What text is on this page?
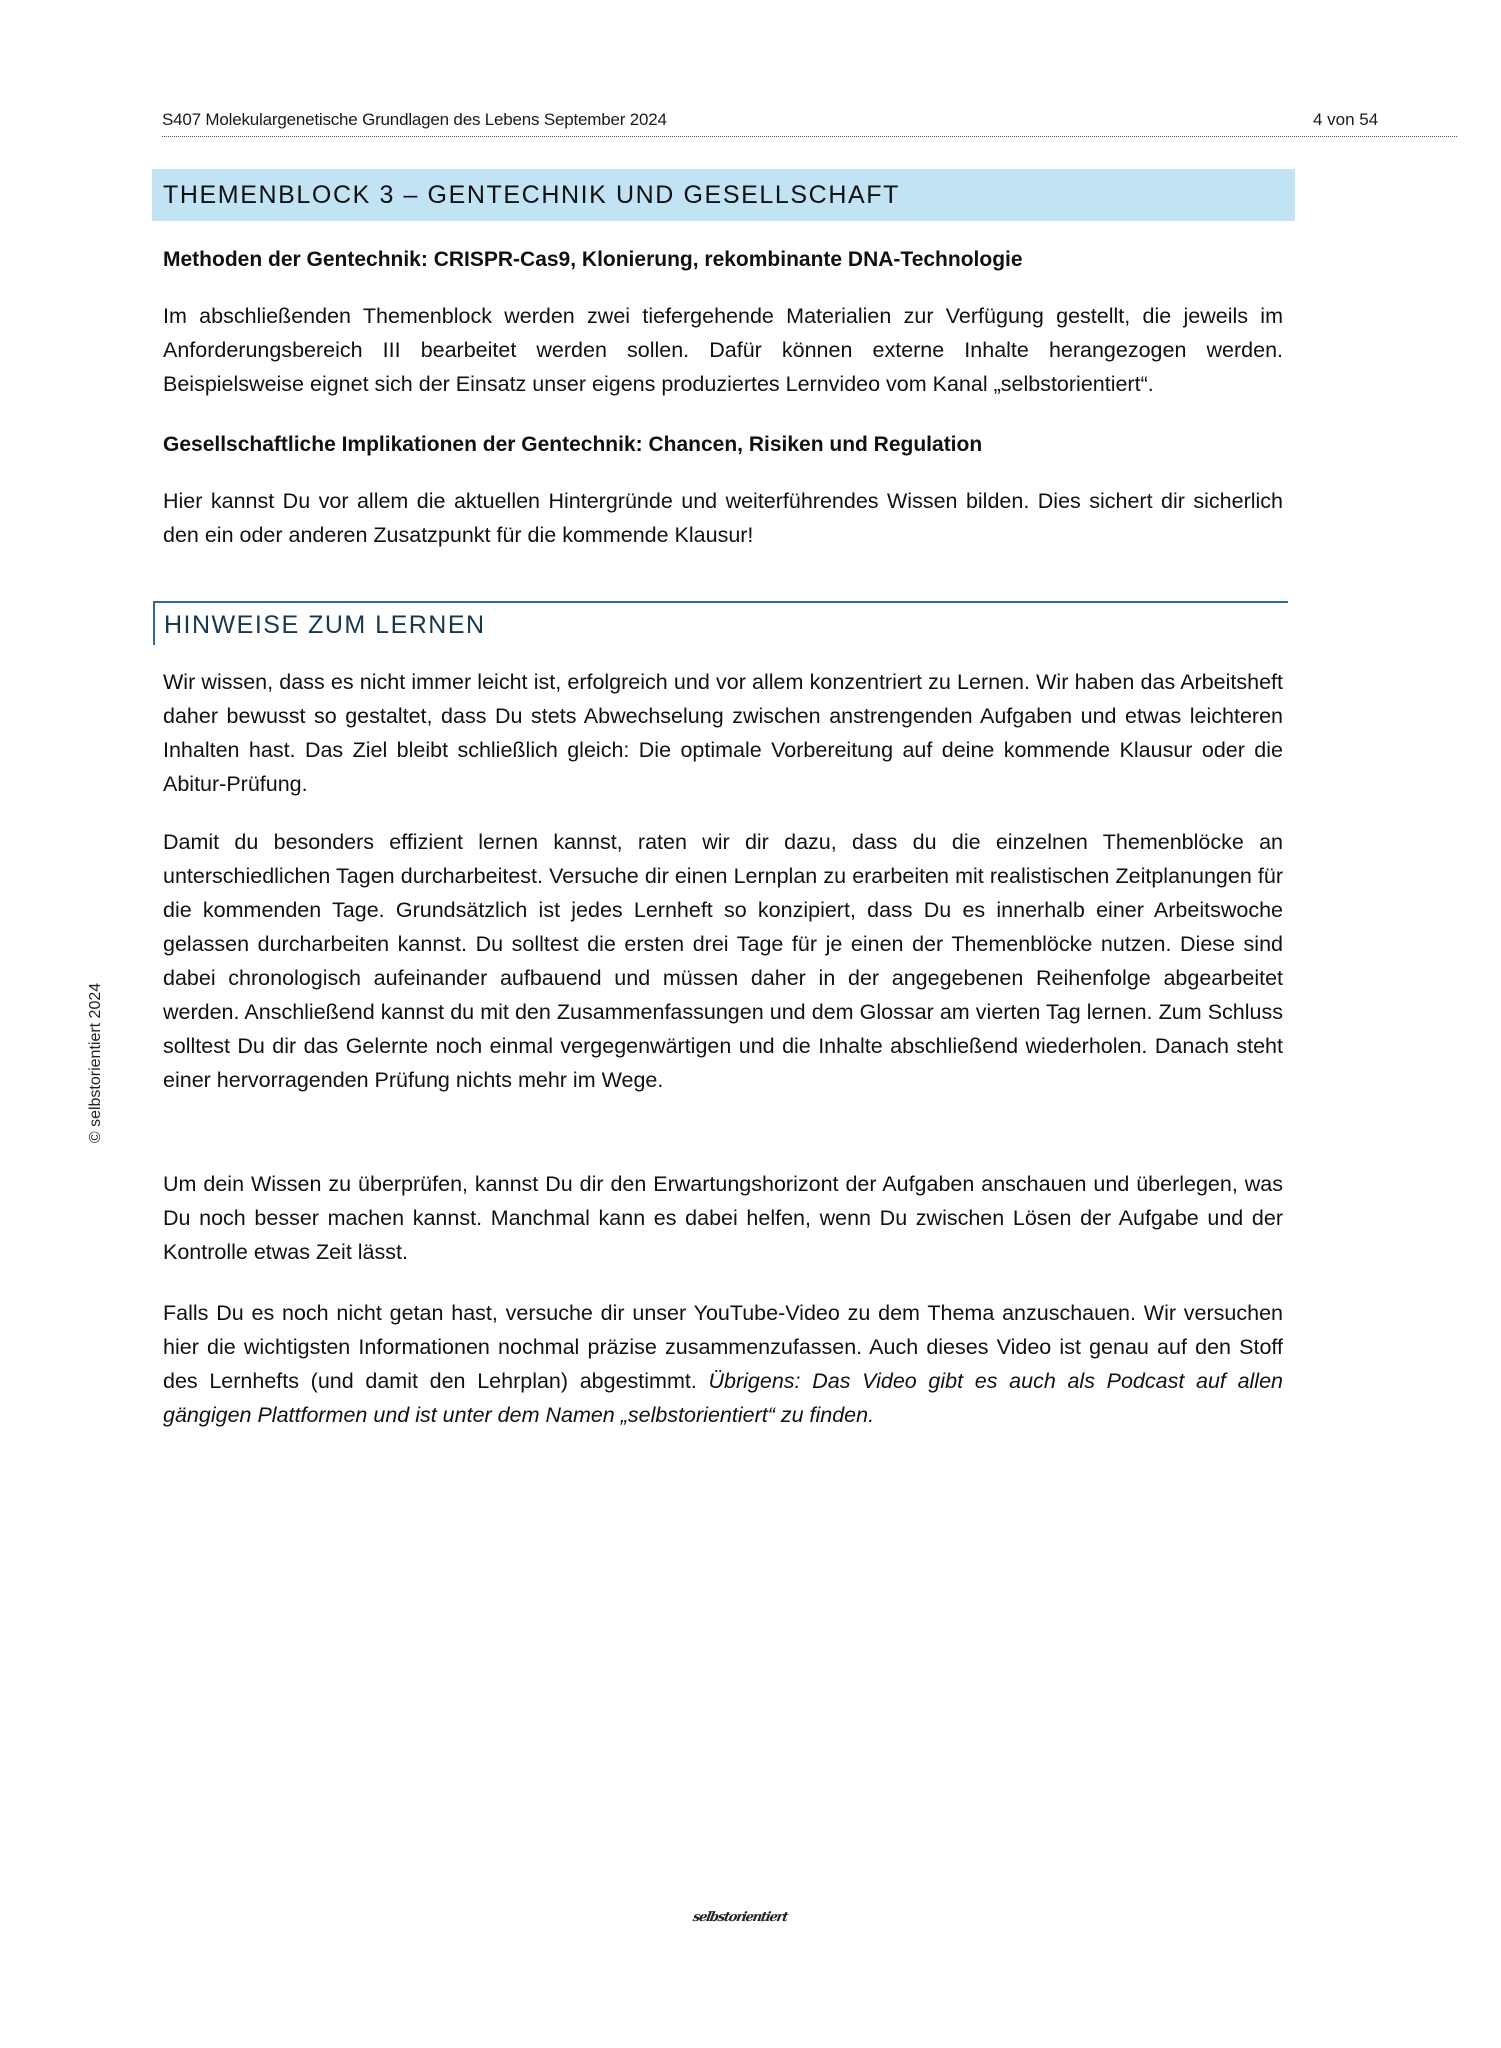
S407 Molekulargenetische Grundlagen des Lebens September 2024	4 von 54
© selbstorientiert 2024
THEMENBLOCK 3 – GENTECHNIK UND GESELLSCHAFT
Methoden der Gentechnik: CRISPR-Cas9, Klonierung, rekombinante DNA-Technologie

Im abschließenden Themenblock werden zwei tiefergehende Materialien zur Verfügung gestellt, die jeweils im Anforderungsbereich III bearbeitet werden sollen. Dafür können externe Inhalte herangezogen werden. Beispielsweise eignet sich der Einsatz unser eigens produziertes Lernvideo vom Kanal „selbstorientiert“.

Gesellschaftliche Implikationen der Gentechnik: Chancen, Risiken und Regulation

Hier kannst Du vor allem die aktuellen Hintergründe und weiterführendes Wissen bilden. Dies sichert dir sicherlich den ein oder anderen Zusatzpunkt für die kommende Klausur!

HINWEISE ZUM LERNEN

Wir wissen, dass es nicht immer leicht ist, erfolgreich und vor allem konzentriert zu Lernen. Wir haben das Arbeitsheft daher bewusst so gestaltet, dass Du stets Abwechselung zwischen anstrengenden Aufgaben und etwas leichteren Inhalten hast. Das Ziel bleibt schließlich gleich: Die optimale Vorbereitung auf deine kommende Klausur oder die Abitur-Prüfung.

Damit du besonders effizient lernen kannst, raten wir dir dazu, dass du die einzelnen Themenblöcke an unterschiedlichen Tagen durcharbeitest. Versuche dir einen Lernplan zu erarbeiten mit realistischen Zeitplanungen für die kommenden Tage. Grundsätzlich ist jedes Lernheft so konzipiert, dass Du es innerhalb einer Arbeitswoche gelassen durcharbeiten kannst. Du solltest die ersten drei Tage für je einen der Themenblöcke nutzen. Diese sind dabei chronologisch aufeinander aufbauend und müssen daher in der angegebenen Reihenfolge abgearbeitet werden. Anschließend kannst du mit den Zusammenfassungen und dem Glossar am vierten Tag lernen. Zum Schluss solltest Du dir das Gelernte noch einmal vergegenwärtigen und die Inhalte abschließend wiederholen. Danach steht einer hervorragenden Prüfung nichts mehr im Wege.

Um dein Wissen zu überprüfen, kannst Du dir den Erwartungshorizont der Aufgaben anschauen und überlegen, was Du noch besser machen kannst. Manchmal kann es dabei helfen, wenn Du zwischen Lösen der Aufgabe und der Kontrolle etwas Zeit lässt.

Falls Du es noch nicht getan hast, versuche dir unser YouTube-Video zu dem Thema anzuschauen. Wir versuchen hier die wichtigsten Informationen nochmal präzise zusammenzufassen. Auch dieses Video ist genau auf den Stoff des Lernhefts (und damit den Lehrplan) abgestimmt. Übrigens: Das Video gibt es auch als Podcast auf allen gängigen Plattformen und ist unter dem Namen „selbstorientiert“ zu finden.

selbstorientiert
